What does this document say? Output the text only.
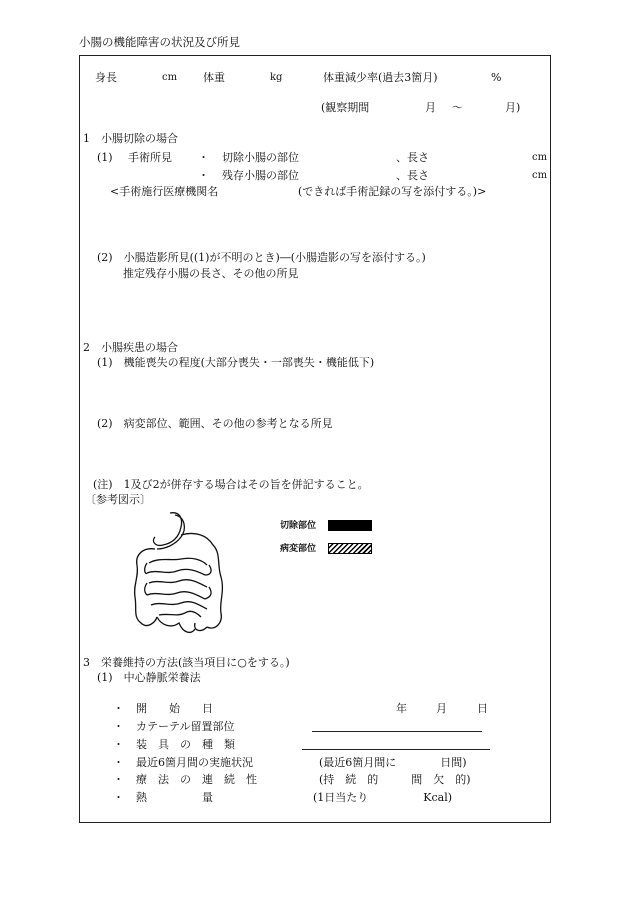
小腸の機能障害の状況及び所見
身長	cm 体重	kg	体重減少率(過去3箇月)	%
(観察期間	月 ～	月)
1　小腸切除の場合
(1) 手術所見 ・ 切除小腸の部位	、長さ	cm
・ 残存小腸の部位	、長さ	cm
<手術施行医療機関名	(できれば手術記録の写を添付する。)>
(2)　小腸造影所見((1)が不明のとき)―(小腸造影の写を添付する。)
推定残存小腸の長さ、その他の所見
2　小腸疾患の場合
(1)　機能喪失の程度(大部分喪失・一部喪失・機能低下)
(2)　病変部位、範囲、その他の参考となる所見
(注)　1及び2が併存する場合はその旨を併記すること。
〔参考図示〕
切除部位
病変部位
3　栄養維持の方法(該当項目に○をする。)
(1)　中心静脈栄養法
・ 開　　始　　日	年	月	日
・ カテーテル留置部位
・ 装　具　の　種　類
・ 最近6箇月間の実施状況	(最近6箇月間に　　　　日間)
・ 療　法　の　連　続　性	(持　続　的　　　間　欠　的)
・ 熱　　　　　量	(1日当たり　　　　　Kcal)
